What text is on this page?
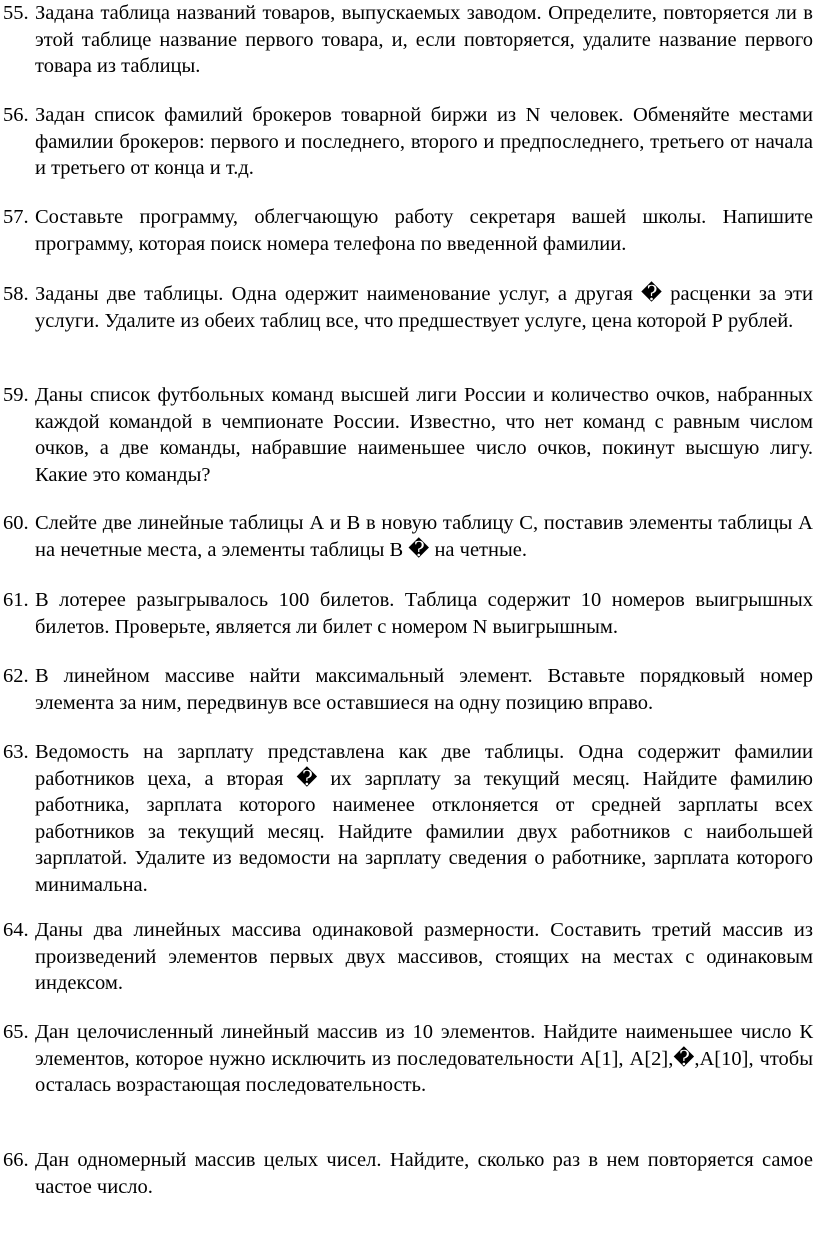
55. Задана таблица названий товаров, выпускаемых заводом. Определите, повторяется ли в этой таблице название первого товара, и, если повторяется, удалите название первого товара из таблицы.
56. Задан список фамилий брокеров товарной биржи из N человек. Обменяйте местами фамилии брокеров: первого и последнего, второго и предпоследнего, третьего от начала и третьего от конца и т.д.
57. Составьте программу, облегчающую работу секретаря вашей школы. Напишите программу, которая поиск номера телефона по введенной фамилии.
58. Заданы две таблицы. Одна одержит наименование услуг, а другая � расценки за эти услуги. Удалите из обеих таблиц все, что предшествует услуге, цена которой Р рублей.
59. Даны список футбольных команд высшей лиги России и количество очков, набранных каждой командой в чемпионате России. Известно, что нет команд с равным числом очков, а две команды, набравшие наименьшее число очков, покинут высшую лигу. Какие это команды?
60. Слейте две линейные таблицы А и В в новую таблицу С, поставив элементы таблицы А на нечетные места, а элементы таблицы В � на четные.
61. В лотерее разыгрывалось 100 билетов. Таблица содержит 10 номеров выигрышных билетов. Проверьте, является ли билет с номером N выигрышным.
62. В линейном массиве найти максимальный элемент. Вставьте порядковый номер элемента за ним, передвинув все оставшиеся на одну позицию вправо.
63. Ведомость на зарплату представлена как две таблицы. Одна содержит фамилии работников цеха, а вторая � их зарплату за текущий месяц. Найдите фамилию работника, зарплата которого наименее отклоняется от средней зарплаты всех работников за текущий месяц. Найдите фамилии двух работников с наибольшей зарплатой. Удалите из ведомости на зарплату сведения о работнике, зарплата которого минимальна.
64. Даны два линейных массива одинаковой размерности. Составить третий массив из произведений элементов первых двух массивов, стоящих на местах с одинаковым индексом.
65. Дан целочисленный линейный массив из 10 элементов. Найдите наименьшее число К элементов, которое нужно исключить из последовательности А[1], А[2],�,А[10], чтобы осталась возрастающая последовательность.
66. Дан одномерный массив целых чисел. Найдите, сколько раз в нем повторяется самое частое число.
